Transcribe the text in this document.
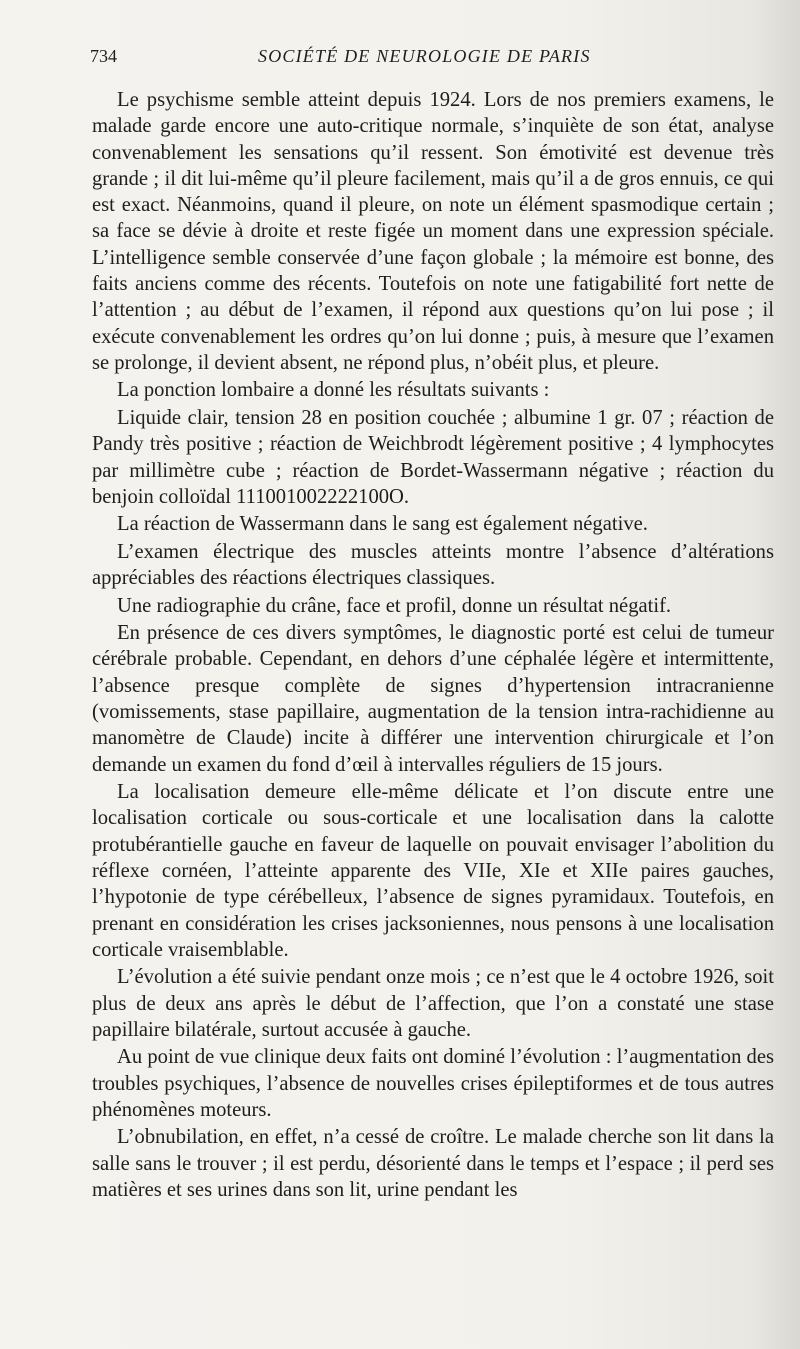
734	SOCIÉTÉ DE NEUROLOGIE DE PARIS

Le psychisme semble atteint depuis 1924. Lors de nos premiers examens, le malade garde encore une auto-critique normale, s’inquiète de son état, analyse convenablement les sensations qu’il ressent. Son émotivité est devenue très grande ; il dit lui-même qu’il pleure facilement, mais qu’il a de gros ennuis, ce qui est exact. Néanmoins, quand il pleure, on note un élément spasmodique certain ; sa face se dévie à droite et reste figée un moment dans une expression spéciale. L’intelligence semble conservée d’une façon globale ; la mémoire est bonne, des faits anciens comme des récents. Toutefois on note une fatigabilité fort nette de l’attention ; au début de l’examen, il répond aux questions qu’on lui pose ; il exécute convenablement les ordres qu’on lui donne ; puis, à mesure que l’examen se prolonge, il devient absent, ne répond plus, n’obéit plus, et pleure.

La ponction lombaire a donné les résultats suivants :

Liquide clair, tension 28 en position couchée ; albumine 1 gr. 07 ; réaction de Pandy très positive ; réaction de Weichbrodt légèrement positive ; 4 lymphocytes par millimètre cube ; réaction de Bordet-Wassermann négative ; réaction du benjoin colloïdal 111001002222100O.

La réaction de Wassermann dans le sang est également négative.

L’examen électrique des muscles atteints montre l’absence d’altérations appréciables des réactions électriques classiques.

Une radiographie du crâne, face et profil, donne un résultat négatif.

En présence de ces divers symptômes, le diagnostic porté est celui de tumeur cérébrale probable. Cependant, en dehors d’une céphalée légère et intermittente, l’absence presque complète de signes d’hypertension intracranienne (vomissements, stase papillaire, augmentation de la tension intra-rachidienne au manomètre de Claude) incite à différer une intervention chirurgicale et l’on demande un examen du fond d’œil à intervalles réguliers de 15 jours.

La localisation demeure elle-même délicate et l’on discute entre une localisation corticale ou sous-corticale et une localisation dans la calotte protubérantielle gauche en faveur de laquelle on pouvait envisager l’abolition du réflexe cornéen, l’atteinte apparente des VIIe, XIe et XIIe paires gauches, l’hypotonie de type cérébelleux, l’absence de signes pyramidaux. Toutefois, en prenant en considération les crises jacksoniennes, nous pensons à une localisation corticale vraisemblable.

L’évolution a été suivie pendant onze mois ; ce n’est que le 4 octobre 1926, soit plus de deux ans après le début de l’affection, que l’on a constaté une stase papillaire bilatérale, surtout accusée à gauche.

Au point de vue clinique deux faits ont dominé l’évolution : l’augmentation des troubles psychiques, l’absence de nouvelles crises épileptiformes et de tous autres phénomènes moteurs.

L’obnubilation, en effet, n’a cessé de croître. Le malade cherche son lit dans la salle sans le trouver ; il est perdu, désorienté dans le temps et l’espace ; il perd ses matières et ses urines dans son lit, urine pendant les
